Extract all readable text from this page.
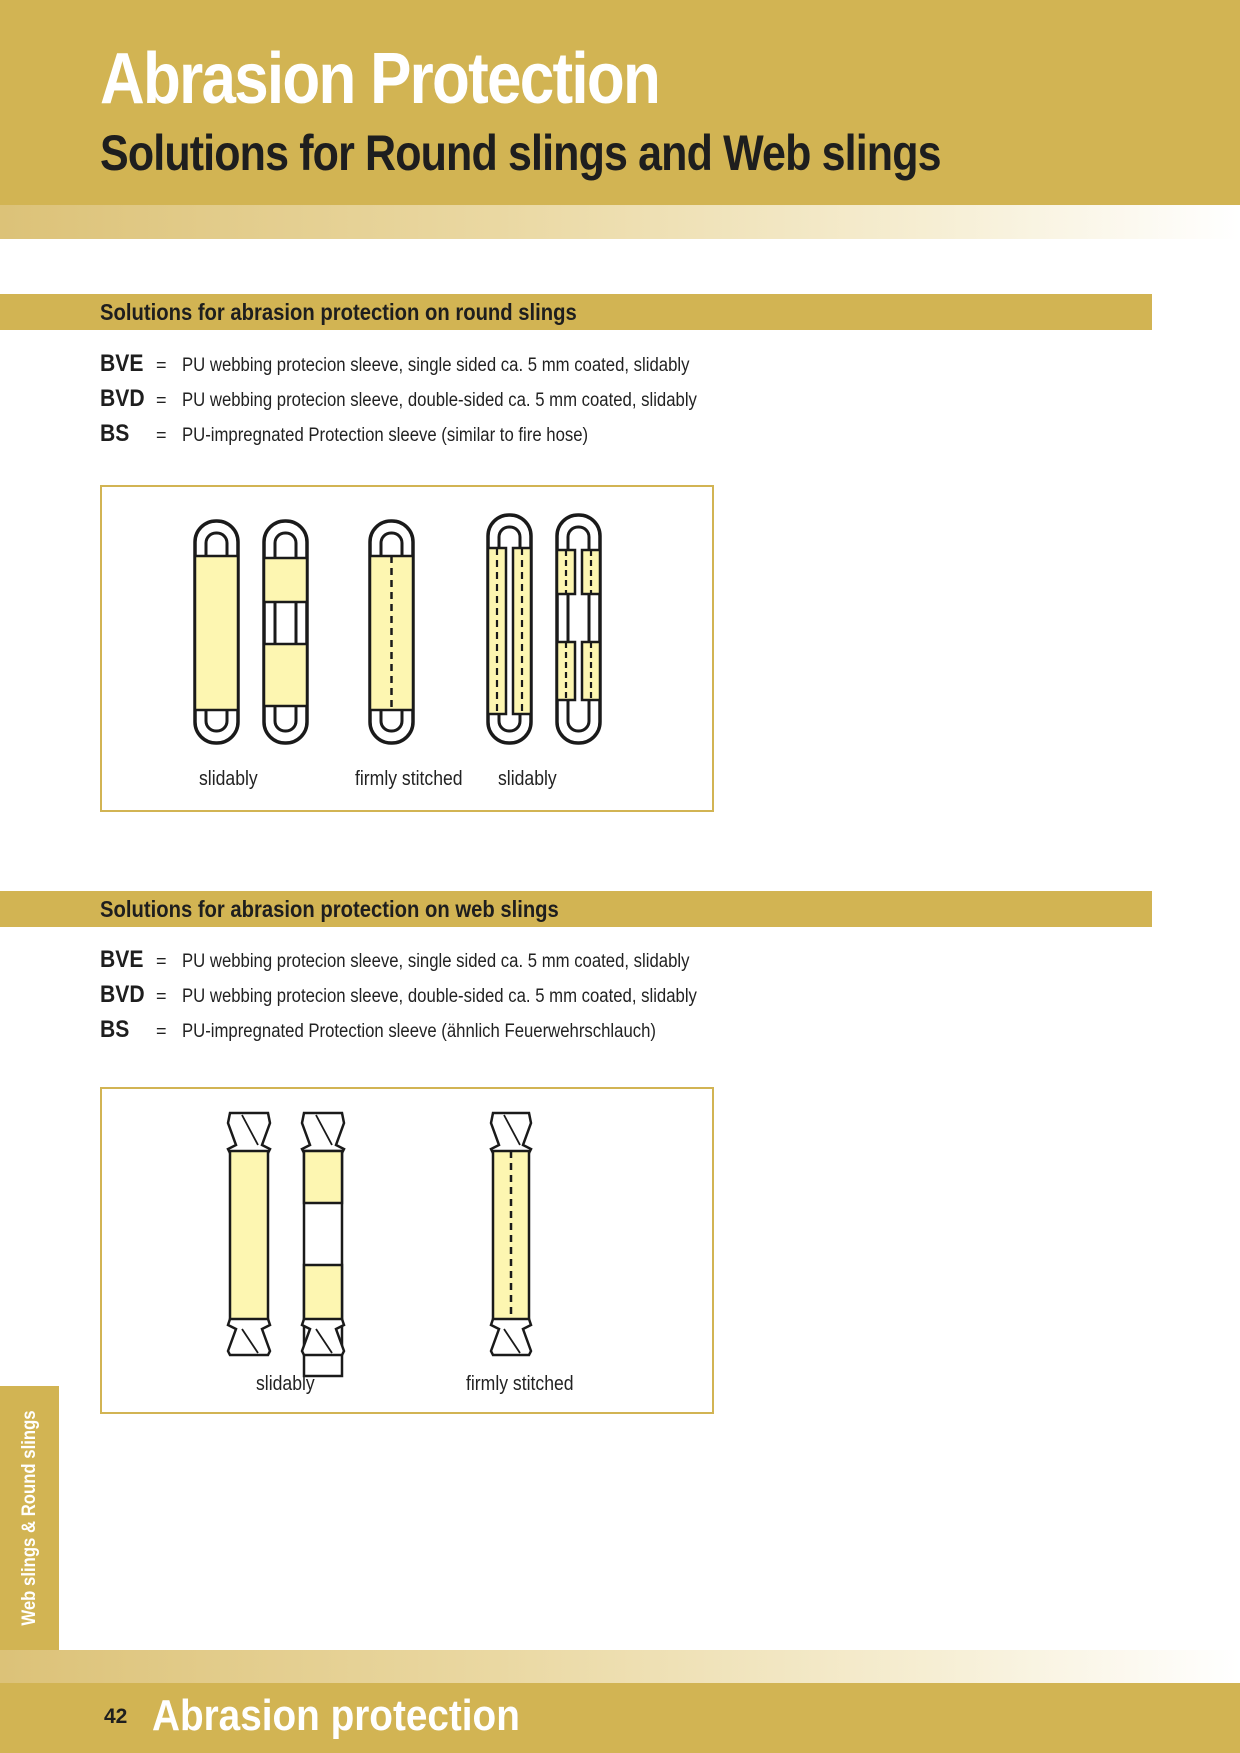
Abrasion Protection
Solutions for Round slings and Web slings
Solutions for abrasion protection on round slings
BVE = PU webbing protecion sleeve, single sided ca. 5 mm coated, slidably
BVD = PU webbing protecion sleeve, double-sided ca. 5 mm coated, slidably
BS = PU-impregnated Protection sleeve (similar to fire hose)
slidably	firmly stitched slidably
Solutions for abrasion protection on web slings
BVE = PU webbing protecion sleeve, single sided ca. 5 mm coated, slidably
BVD = PU webbing protecion sleeve, double-sided ca. 5 mm coated, slidably
BS = PU-impregnated Protection sleeve (ähnlich Feuerwehrschlauch)
slidably	firmly stitched
Web slings & Round slings
42 Abrasion protection
